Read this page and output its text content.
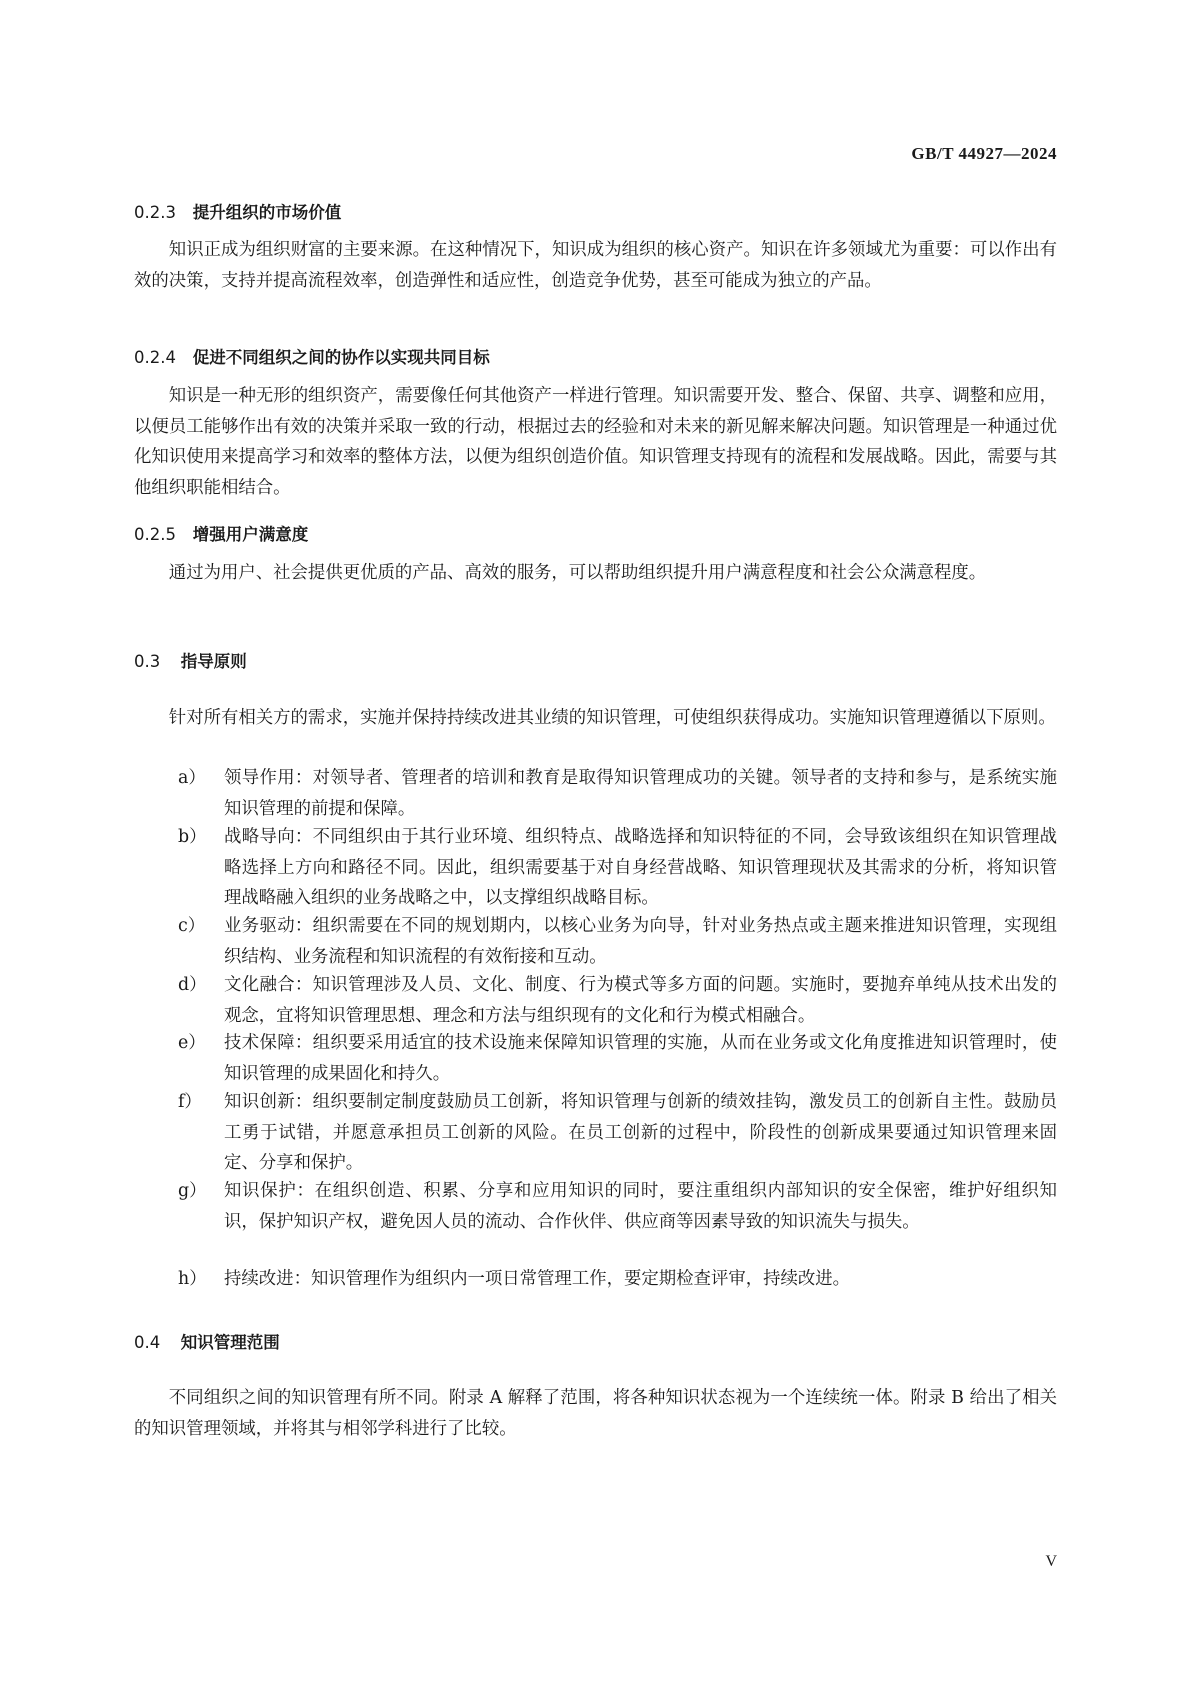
GB/T 44927—2024
0.2.3 提升组织的市场价值
知识正成为组织财富的主要来源。在这种情况下，知识成为组织的核心资产。知识在许多领域尤为重要：可以作出有效的决策，支持并提高流程效率，创造弹性和适应性，创造竞争优势，甚至可能成为独立的产品。
0.2.4 促进不同组织之间的协作以实现共同目标
知识是一种无形的组织资产，需要像任何其他资产一样进行管理。知识需要开发、整合、保留、共享、调整和应用，以便员工能够作出有效的决策并采取一致的行动，根据过去的经验和对未来的新见解来解决问题。知识管理是一种通过优化知识使用来提高学习和效率的整体方法，以便为组织创造价值。知识管理支持现有的流程和发展战略。因此，需要与其他组织职能相结合。
0.2.5 增强用户满意度
通过为用户、社会提供更优质的产品、高效的服务，可以帮助组织提升用户满意程度和社会公众满意程度。
0.3 指导原则
针对所有相关方的需求，实施并保持持续改进其业绩的知识管理，可使组织获得成功。实施知识管理遵循以下原则。
a） 领导作用：对领导者、管理者的培训和教育是取得知识管理成功的关键。领导者的支持和参与，是系统实施知识管理的前提和保障。
b） 战略导向：不同组织由于其行业环境、组织特点、战略选择和知识特征的不同，会导致该组织在知识管理战略选择上方向和路径不同。因此，组织需要基于对自身经营战略、知识管理现状及其需求的分析，将知识管理战略融入组织的业务战略之中，以支撑组织战略目标。
c） 业务驱动：组织需要在不同的规划期内，以核心业务为向导，针对业务热点或主题来推进知识管理，实现组织结构、业务流程和知识流程的有效衔接和互动。
d） 文化融合：知识管理涉及人员、文化、制度、行为模式等多方面的问题。实施时，要抛弃单纯从技术出发的观念，宜将知识管理思想、理念和方法与组织现有的文化和行为模式相融合。
e） 技术保障：组织要采用适宜的技术设施来保障知识管理的实施，从而在业务或文化角度推进知识管理时，使知识管理的成果固化和持久。
f） 知识创新：组织要制定制度鼓励员工创新，将知识管理与创新的绩效挂钩，激发员工的创新自主性。鼓励员工勇于试错，并愿意承担员工创新的风险。在员工创新的过程中，阶段性的创新成果要通过知识管理来固定、分享和保护。
g） 知识保护：在组织创造、积累、分享和应用知识的同时，要注重组织内部知识的安全保密，维护好组织知识，保护知识产权，避免因人员的流动、合作伙伴、供应商等因素导致的知识流失与损失。
h） 持续改进：知识管理作为组织内一项日常管理工作，要定期检查评审，持续改进。
0.4 知识管理范围
不同组织之间的知识管理有所不同。附录 A 解释了范围，将各种知识状态视为一个连续统一体。附录 B 给出了相关的知识管理领域，并将其与相邻学科进行了比较。
V
